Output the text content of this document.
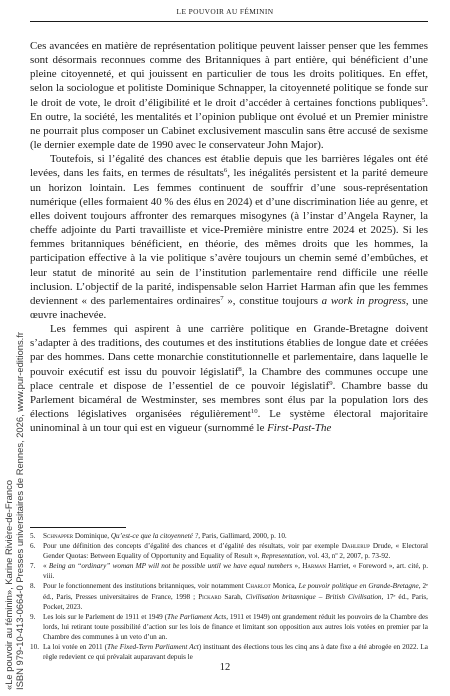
LE POUVOIR AU FÉMININ

Ces avancées en matière de représentation politique peuvent laisser penser que les femmes sont désormais reconnues comme des Britanniques à part entière, qui bénéficient d’une pleine citoyenneté, et qui jouissent en particulier de tous les droits politiques. En effet, selon la sociologue et politiste Dominique Schnapper, la citoyenneté politique se fonde sur le droit de vote, le droit d’éligibilité et le droit d’accéder à certaines fonctions publiques$^5$. En outre, la société, les mentalités et l’opinion publique ont évolué et un Premier ministre ne pourrait plus composer un Cabinet exclusivement masculin sans être accusé de sexisme (le dernier exemple date de 1990 avec le conservateur John Major).

Toutefois, si l’égalité des chances est établie depuis que les barrières légales ont été levées, dans les faits, en termes de résultats$^6$, les inégalités persistent et la parité demeure un horizon lointain. Les femmes continuent de souffrir d’une sous-représentation numérique (elles formaient 40 % des élus en 2024) et d’une discrimination liée au genre, et elles doivent toujours affronter des remarques misogynes (à l’instar d’Angela Rayner, la cheffe adjointe du Parti travailliste et vice-Première ministre entre 2024 et 2025). Si les femmes britanniques bénéficient, en théorie, des mêmes droits que les hommes, la participation effective à la vie politique s’avère toujours un chemin semé d’embûches, et leur statut de minorité au sein de l’institution parlementaire rend difficile une réelle inclusion. L’objectif de la parité, indispensable selon Harriet Harman afin que les femmes deviennent « des parlementaires ordinaires$^7$ », constitue toujours a work in progress, une œuvre inachevée.

Les femmes qui aspirent à une carrière politique en Grande-Bretagne doivent s’adapter à des traditions, des coutumes et des institutions établies de longue date et créées par des hommes. Dans cette monarchie constitutionnelle et parlementaire, dans laquelle le pouvoir exécutif est issu du pouvoir législatif$^8$, la Chambre des communes occupe une place centrale et dispose de l’essentiel de ce pouvoir législatif$^9$. Chambre basse du Parlement bicaméral de Westminster, ses membres sont élus par la population lors des élections législatives organisées régulièrement$^{10}$. Le système électoral majoritaire uninominal à un tour qui est en vigueur (surnommé le First-Past-The

5.	Schnapper Dominique, Qu’est-ce que la citoyenneté ?, Paris, Gallimard, 2000, p. 10.
6.	Pour une définition des concepts d’égalité des chances et d’égalité des résultats, voir par exemple Dahlerup Drude, « Electoral Gender Quotas: Between Equality of Opportunity and Equality of Result », Representation, vol. 43, nº 2, 2007, p. 73-92.
7.	« Being an “ordinary” woman MP will not be possible until we have equal numbers », Harman Harriet, « Foreword », art. cité, p. viii.
8.	Pour le fonctionnement des institutions britanniques, voir notamment Charlot Monica, Le pouvoir politique en Grande-Bretagne, 2ᵉ éd., Paris, Presses universitaires de France, 1998 ; Pickard Sarah, Civilisation britannique – British Civilisation, 17ᵉ éd., Paris, Pocket, 2023.
9.	Les lois sur le Parlement de 1911 et 1949 (The Parliament Acts, 1911 et 1949) ont grandement réduit les pouvoirs de la Chambre des lords, lui retirant toute possibilité d’action sur les lois de finance et limitant son opposition aux autres lois votées en premier par la Chambre des communes à un veto d’un an.
10. La loi votée en 2011 (The Fixed-Term Parliament Act) instituant des élections tous les cinq ans à date fixe a été abrogée en 2022. La règle redevient ce qui prévalait auparavant depuis le
12
«Le pouvoir au féminin», Karine Rivière-de-Franco ISBN 979-10-413-0664-0 Presses universitaires de Rennes, 2026, www.pur-editions.fr
